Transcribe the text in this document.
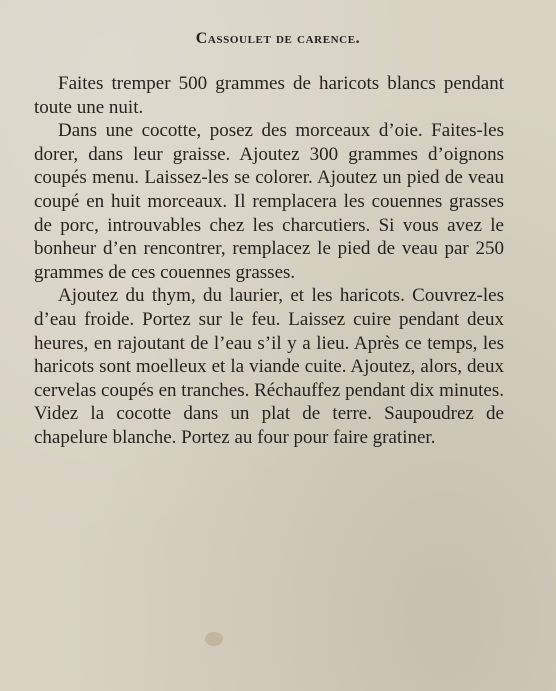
Cassoulet de carence.

Faites tremper 500 grammes de haricots blancs pendant toute une nuit.

Dans une cocotte, posez des morceaux d’oie. Faites-les dorer, dans leur graisse. Ajoutez 300 grammes d’oignons coupés menu. Laissez-les se colorer. Ajoutez un pied de veau coupé en huit morceaux. Il remplacera les couennes grasses de porc, introuvables chez les charcutiers. Si vous avez le bonheur d’en rencontrer, remplacez le pied de veau par 250 grammes de ces couennes grasses.

Ajoutez du thym, du laurier, et les haricots. Couvrez-les d’eau froide. Portez sur le feu. Laissez cuire pendant deux heures, en rajoutant de l’eau s’il y a lieu. Après ce temps, les haricots sont moelleux et la viande cuite. Ajoutez, alors, deux cervelas coupés en tranches. Réchauffez pendant dix minutes. Videz la cocotte dans un plat de terre. Saupoudrez de chapelure blanche. Portez au four pour faire gratiner.
